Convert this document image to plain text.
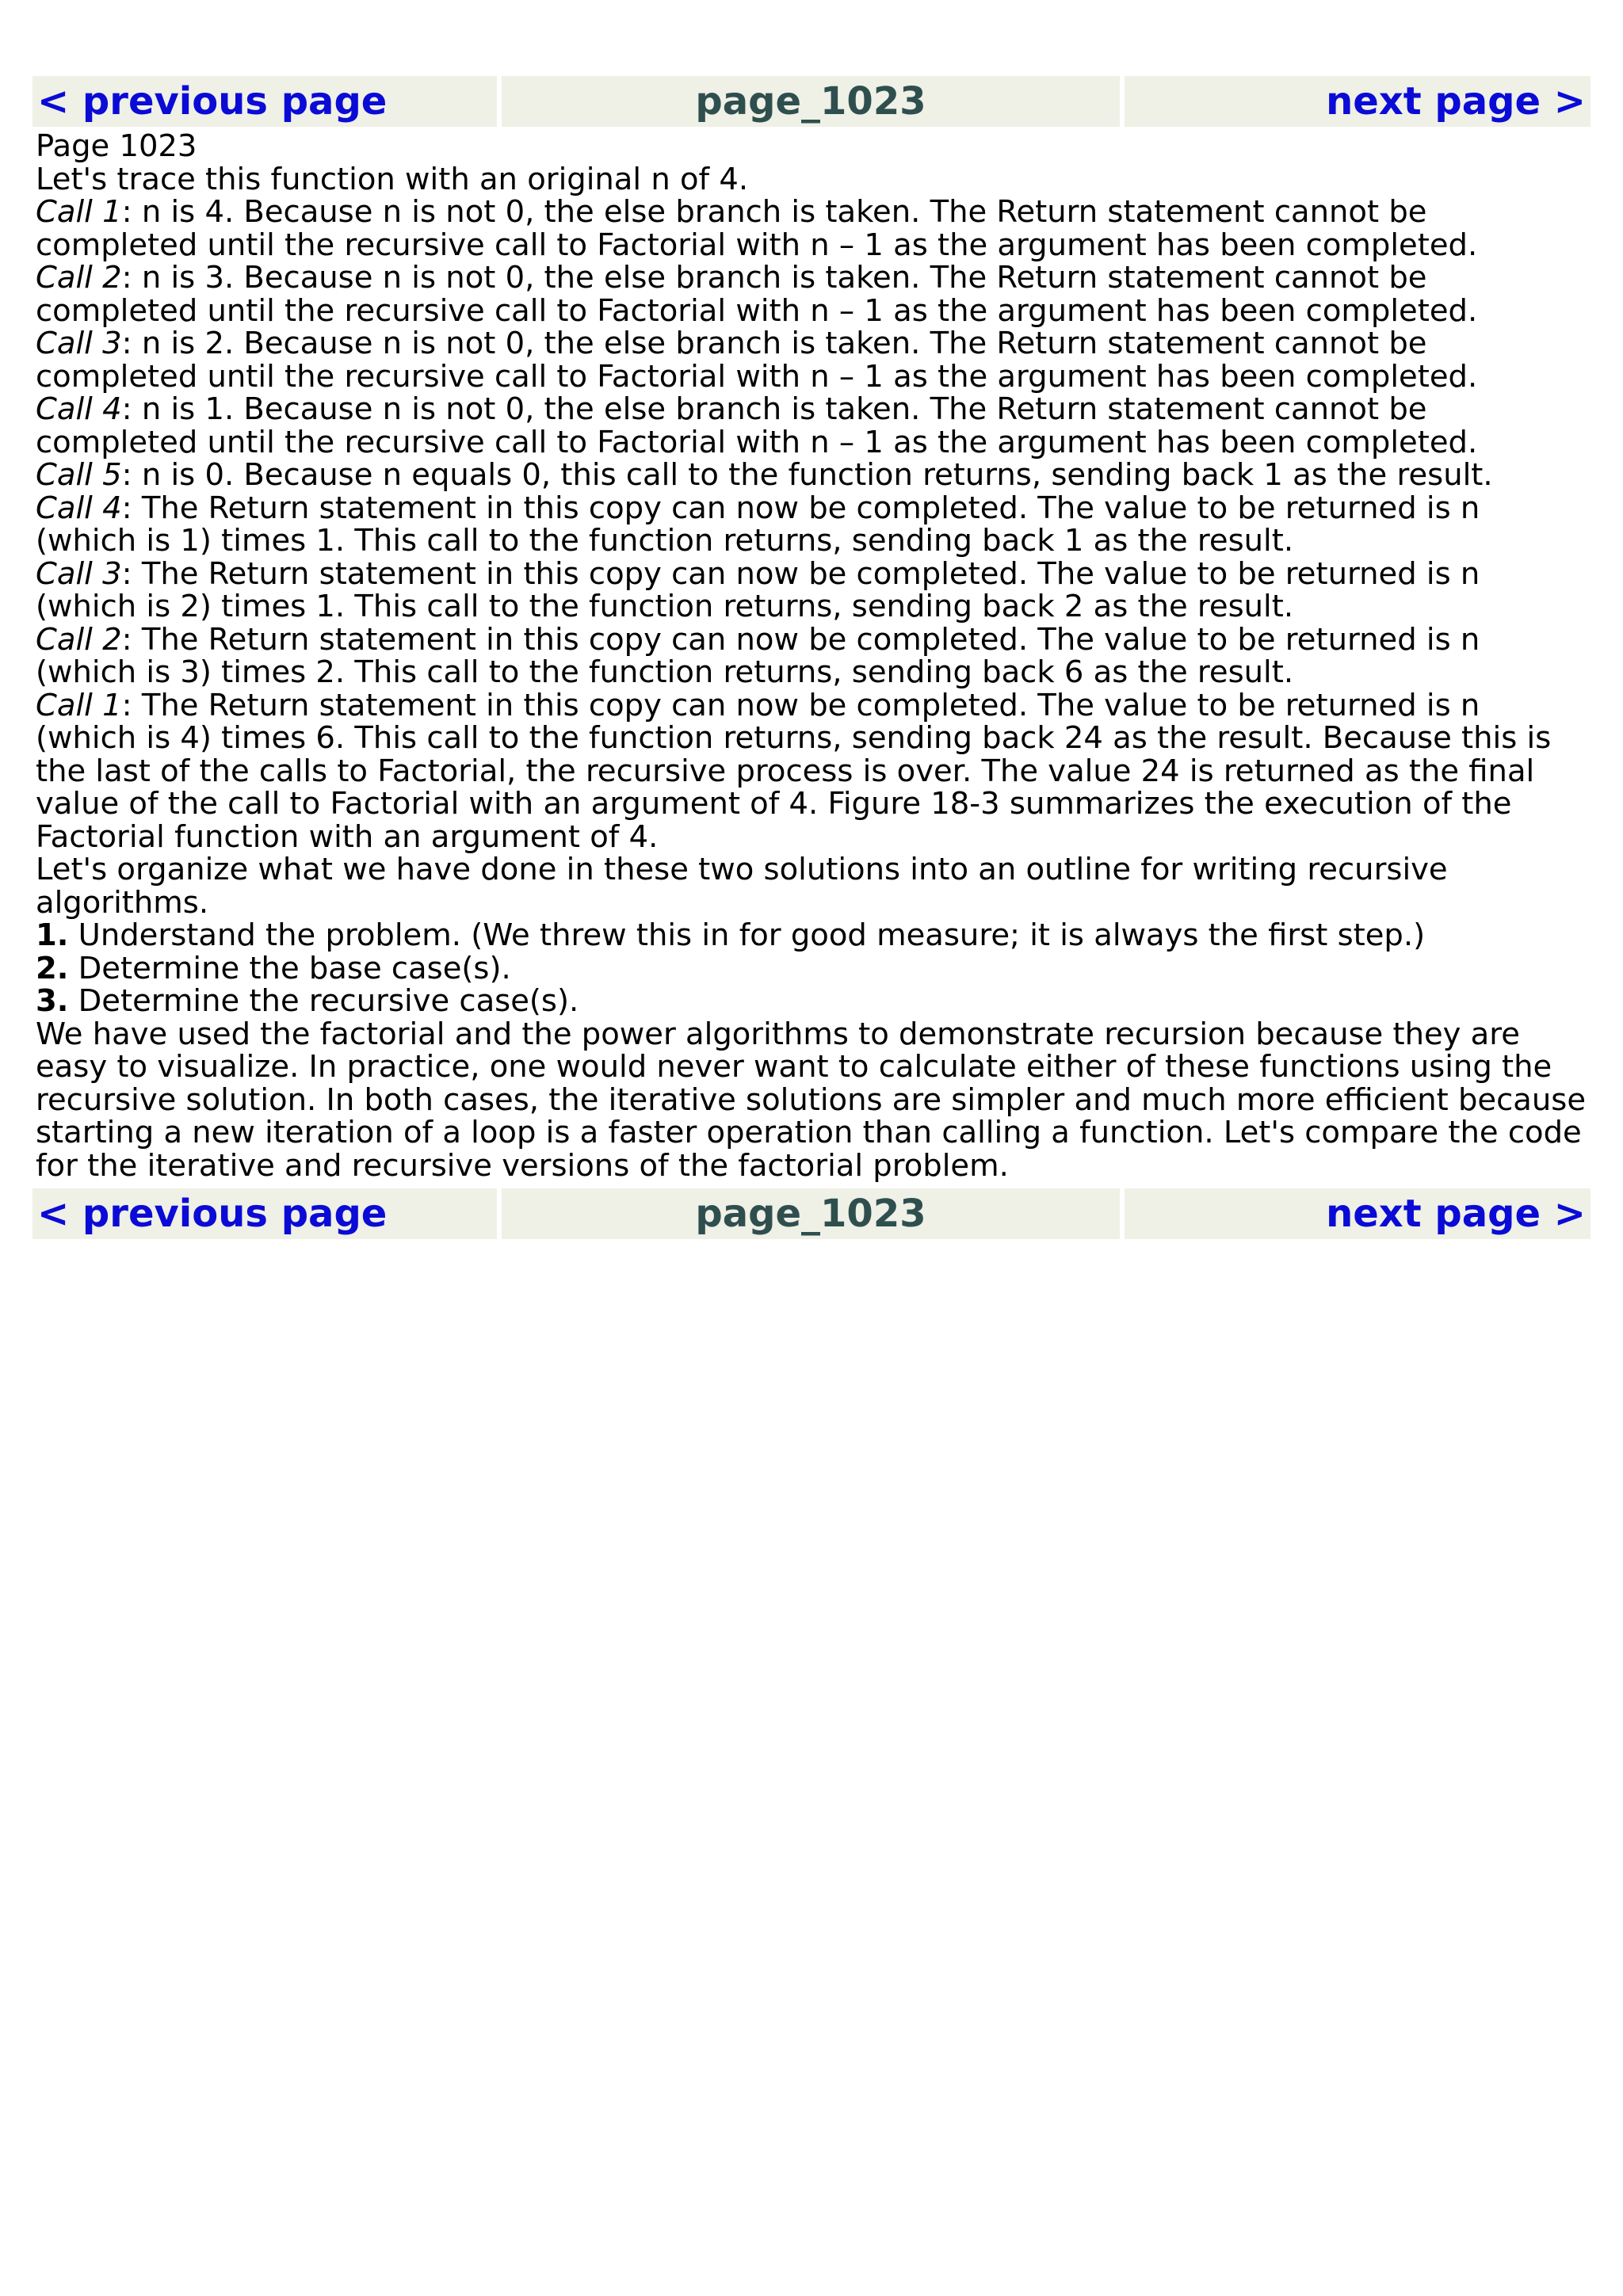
< previous page	page_1023	next page >

Page 1023

Let's trace this function with an original n of 4.

Call 1: n is 4. Because n is not 0, the else branch is taken. The Return statement cannot be completed until the recursive call to Factorial with n – 1 as the argument has been completed.

Call 2: n is 3. Because n is not 0, the else branch is taken. The Return statement cannot be completed until the recursive call to Factorial with n – 1 as the argument has been completed.

Call 3: n is 2. Because n is not 0, the else branch is taken. The Return statement cannot be completed until the recursive call to Factorial with n – 1 as the argument has been completed.

Call 4: n is 1. Because n is not 0, the else branch is taken. The Return statement cannot be completed until the recursive call to Factorial with n – 1 as the argument has been completed.

Call 5: n is 0. Because n equals 0, this call to the function returns, sending back 1 as the result.

Call 4: The Return statement in this copy can now be completed. The value to be returned is n (which is 1) times 1. This call to the function returns, sending back 1 as the result.

Call 3: The Return statement in this copy can now be completed. The value to be returned is n (which is 2) times 1. This call to the function returns, sending back 2 as the result.

Call 2: The Return statement in this copy can now be completed. The value to be returned is n (which is 3) times 2. This call to the function returns, sending back 6 as the result.

Call 1: The Return statement in this copy can now be completed. The value to be returned is n (which is 4) times 6. This call to the function returns, sending back 24 as the result. Because this is the last of the calls to Factorial, the recursive process is over. The value 24 is returned as the final value of the call to Factorial with an argument of 4. Figure 18-3 summarizes the execution of the Factorial function with an argument of 4.

Let's organize what we have done in these two solutions into an outline for writing recursive algorithms.

1. Understand the problem. (We threw this in for good measure; it is always the first step.)

2. Determine the base case(s).

3. Determine the recursive case(s).

We have used the factorial and the power algorithms to demonstrate recursion because they are easy to visualize. In practice, one would never want to calculate either of these functions using the recursive solution. In both cases, the iterative solutions are simpler and much more efficient because starting a new iteration of a loop is a faster operation than calling a function. Let's compare the code for the iterative and recursive versions of the factorial problem.

< previous page	page_1023	next page >
